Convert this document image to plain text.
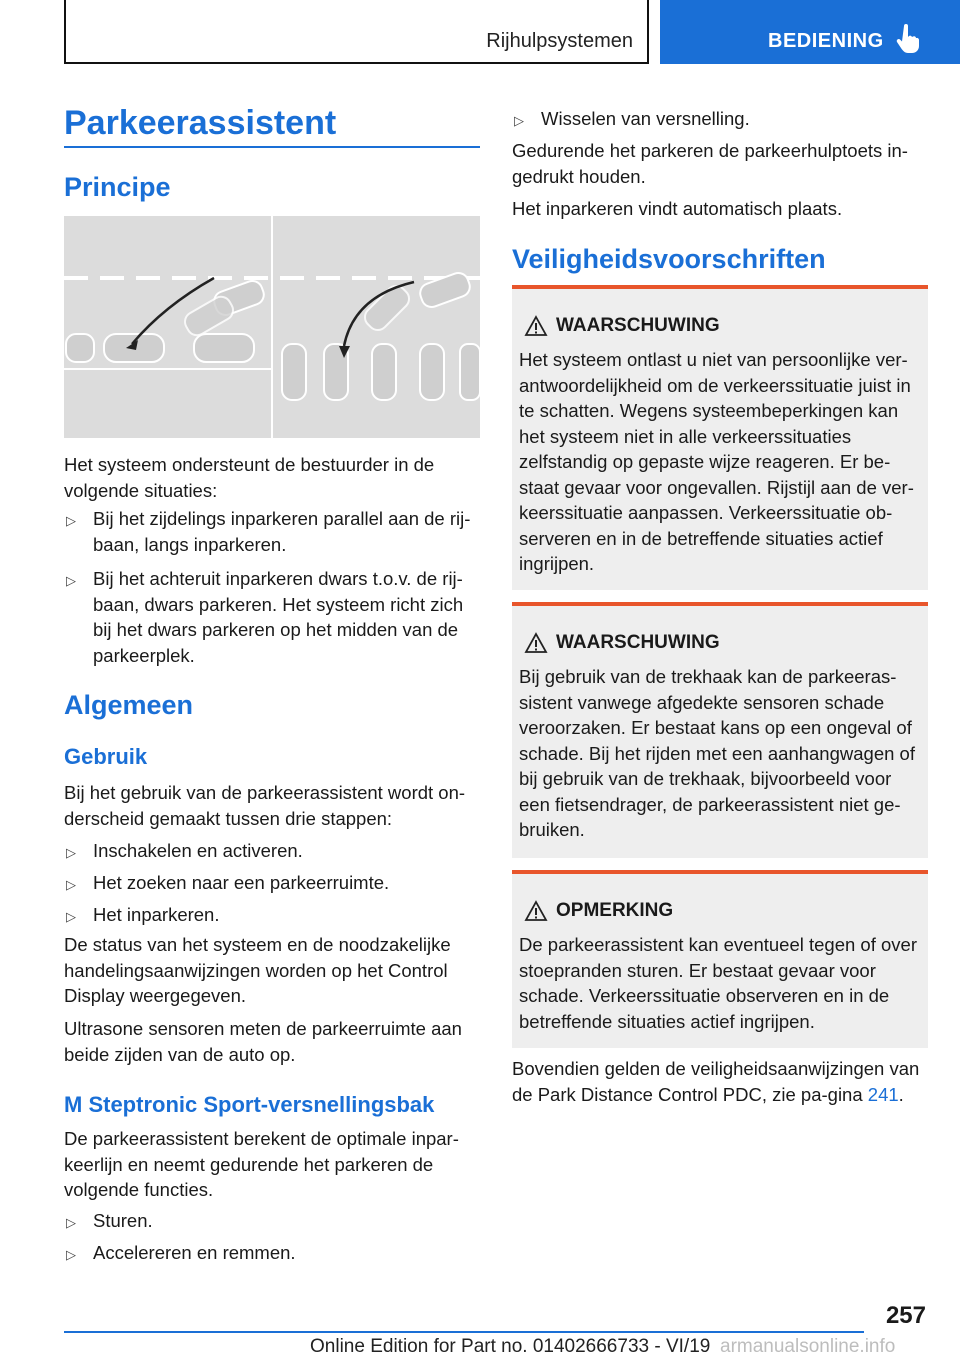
Rijhulpsystemen	BEDIENING
Parkeerassistent
Principe

Het systeem ondersteunt de bestuurder in de volgende situaties:

▷ Bij het zijdelings inparkeren parallel aan de rij-baan, langs inparkeren.
▷ Bij het achteruit inparkeren dwars t.o.v. de rij-baan, dwars parkeren. Het systeem richt zich bij het dwars parkeren op het midden van de parkeerplek.
Algemeen
Gebruik

Bij het gebruik van de parkeerassistent wordt on-derscheid gemaakt tussen drie stappen:

▷ Inschakelen en activeren.
▷ Het zoeken naar een parkeerruimte.
▷ Het inparkeren.

De status van het systeem en de noodzakelijke handelingsaanwijzingen worden op het Control Display weergegeven.

Ultrasone sensoren meten de parkeerruimte aan beide zijden van de auto op.

M Steptronic Sport-versnellingsbak

De parkeerassistent berekent de optimale inpar-keerlijn en neemt gedurende het parkeren de volgende functies.

▷ Sturen.
▷ Accelereren en remmen.
▷ Wisselen van versnelling.

Gedurende het parkeren de parkeerhulptoets in-gedrukt houden.

Het inparkeren vindt automatisch plaats.

Veiligheidsvoorschriften
WAARSCHUWING

Het systeem ontlast u niet van persoonlijke ver-antwoordelijkheid om de verkeerssituatie juist in te schatten. Wegens systeembeperkingen kan het systeem niet in alle verkeerssituaties zelfstandig op gepaste wijze reageren. Er be-staat gevaar voor ongevallen. Rijstijl aan de ver-keerssituatie aanpassen. Verkeerssituatie ob-serveren en in de betreffende situaties actief ingrijpen.

WAARSCHUWING

Bij gebruik van de trekhaak kan de parkeeras-sistent vanwege afgedekte sensoren schade veroorzaken. Er bestaat kans op een ongeval of schade. Bij het rijden met een aanhangwagen of bij gebruik van de trekhaak, bijvoorbeeld voor een fietsendrager, de parkeerassistent niet ge-bruiken.

OPMERKING

De parkeerassistent kan eventueel tegen of over stoepranden sturen. Er bestaat gevaar voor schade. Verkeerssituatie observeren en in de betreffende situaties actief ingrijpen.

Bovendien gelden de veiligheidsaanwijzingen van de Park Distance Control PDC, zie pa-gina 241.

257
Online Edition for Part no. 01402666733 - VI/19 armanualsonline.info
